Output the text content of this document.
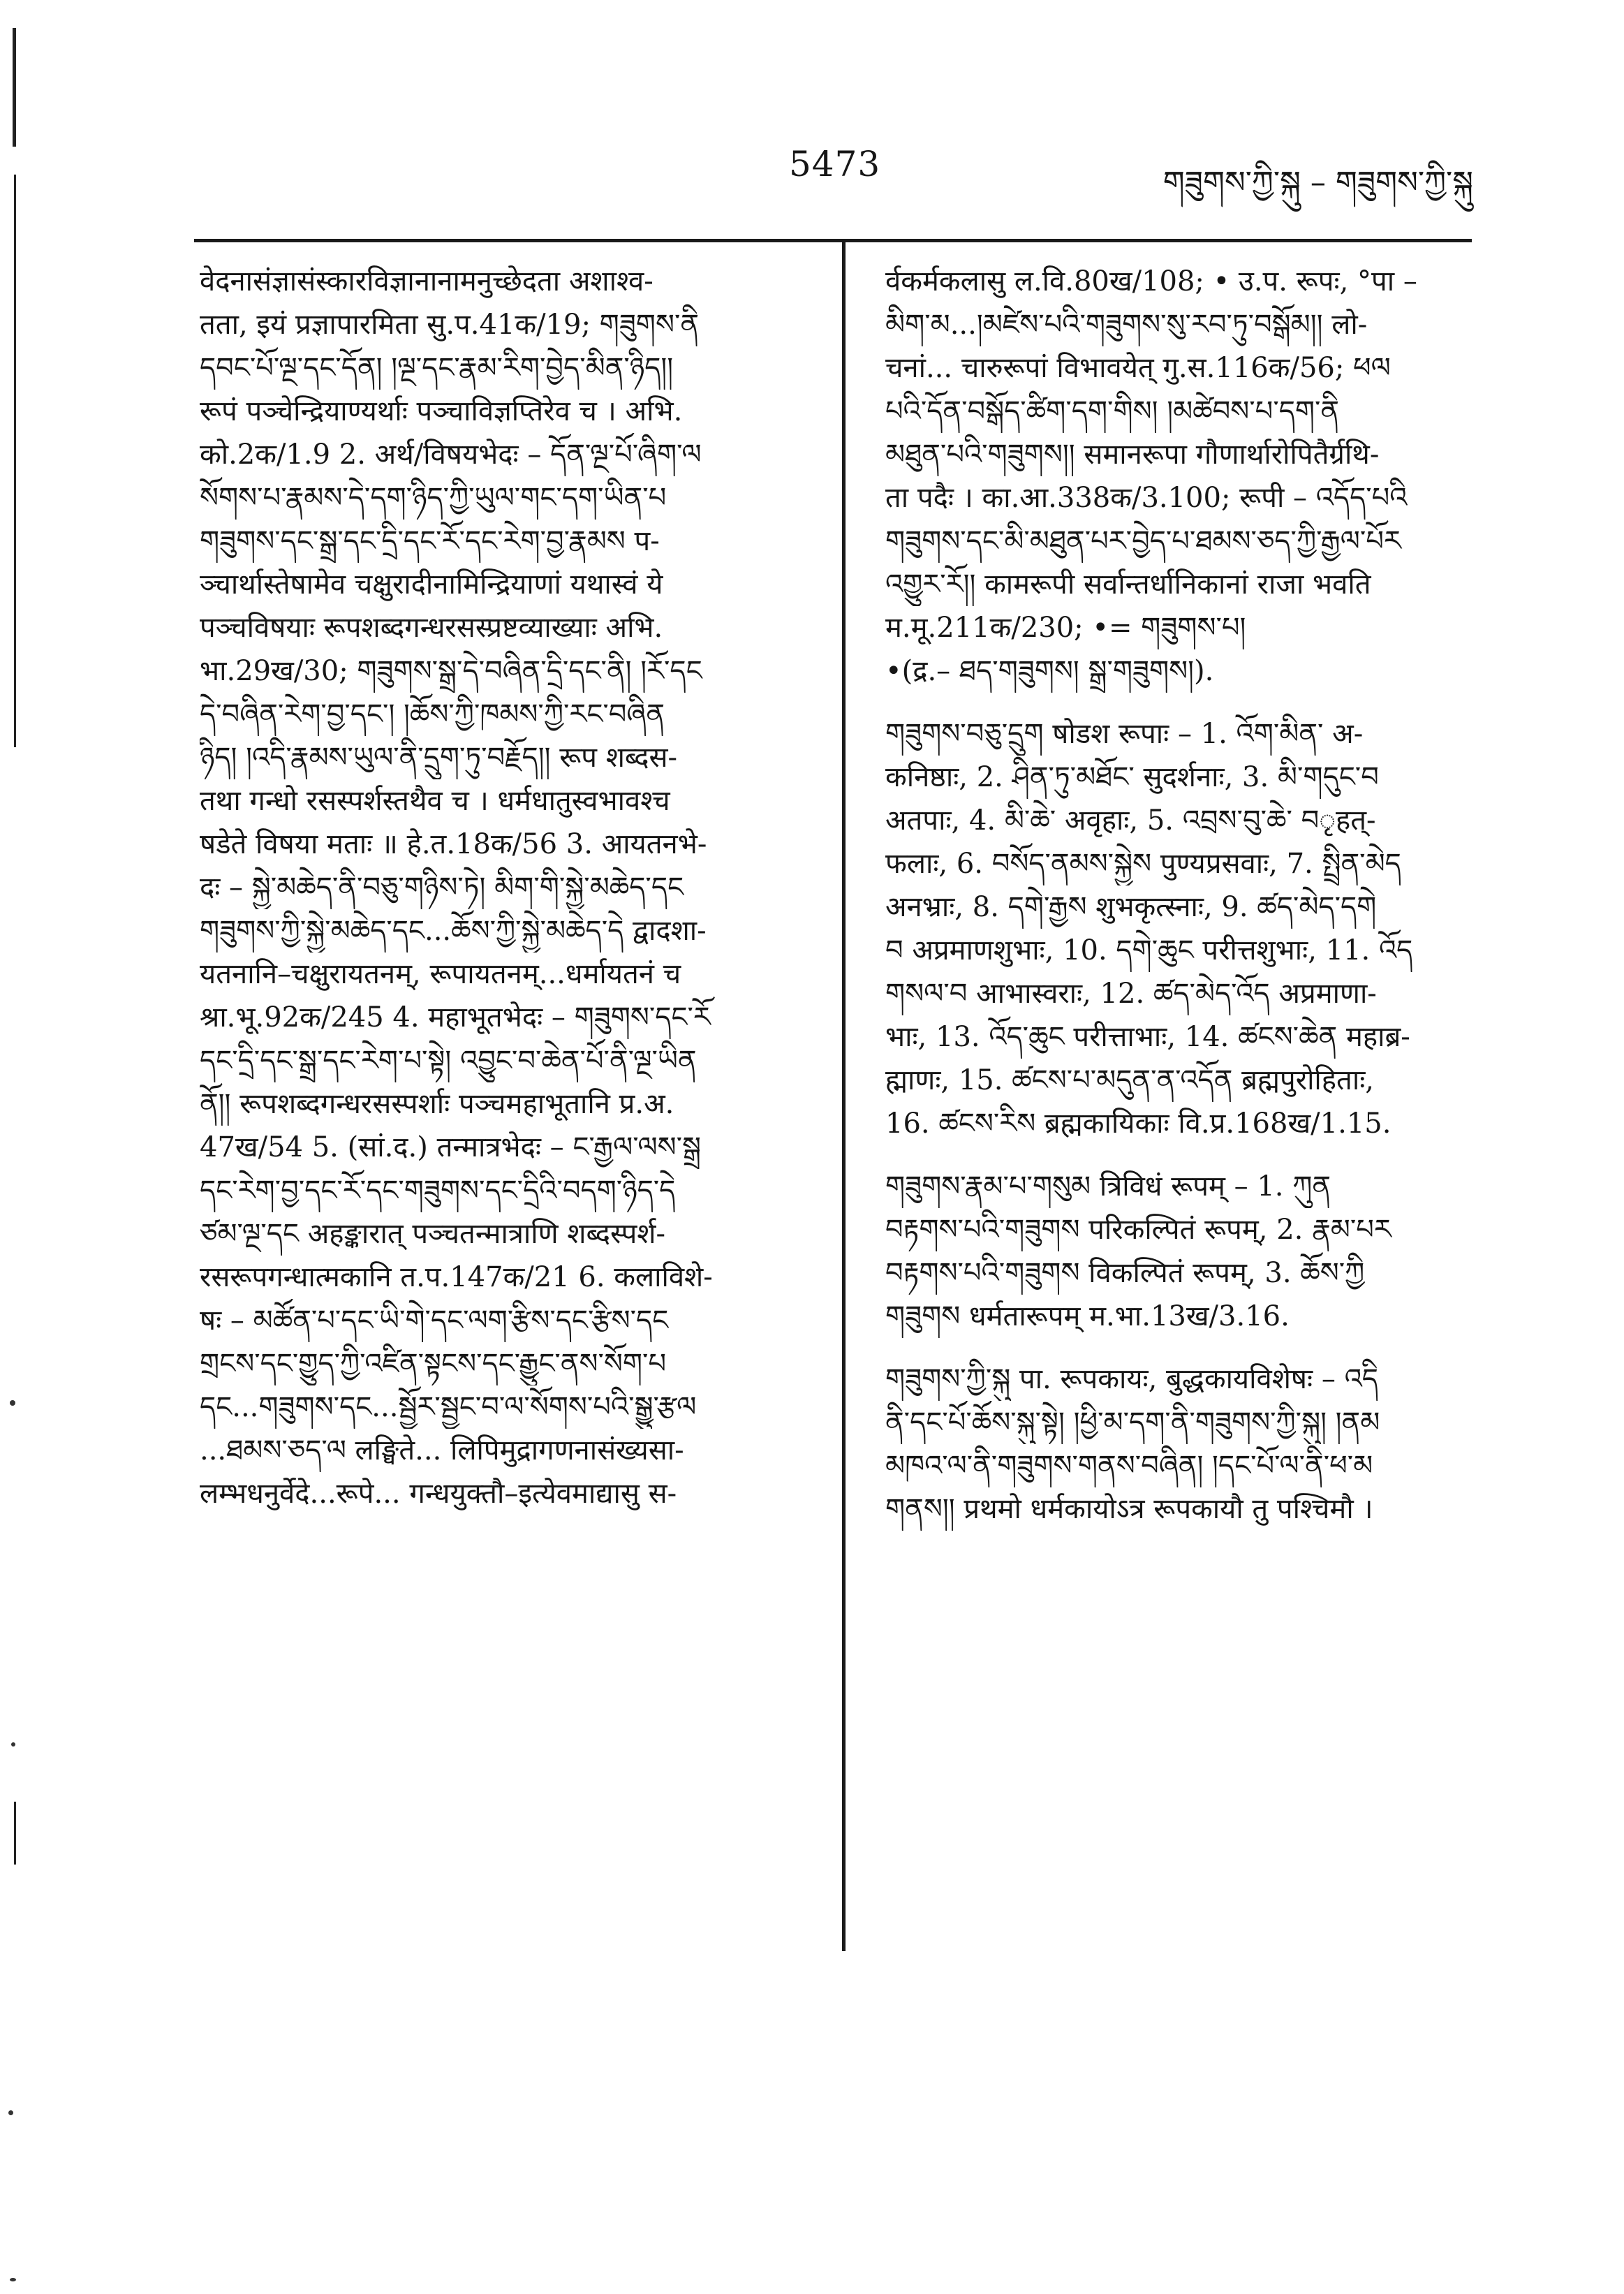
5473	གཟུགས་ཀྱི་སྐུ – གཟུགས་ཀྱི་སྐུ
वेदनासंज्ञासंस्कारविज्ञानानामनुच्छेदता अशाश्व-
तता, इयं प्रज्ञापारमिता सु.प.41क/19; གཟུགས་ནི
དབང་པོ་ལྔ་དང་དོན། །ལྔ་དང་རྣམ་རིག་བྱེད་མིན་ཉིད།།
रूपं पञ्चेन्द्रियाण्यर्थाः पञ्चाविज्ञप्तिरेव च । अभि.
को.2क/1.9 2. अर्थ/विषयभेदः – དོན་ལྔ་པོ་ཞིག་ལ
སོགས་པ་རྣམས་དེ་དག་ཉིད་ཀྱི་ཡུལ་གང་དག་ཡིན་པ
གཟུགས་དང་སྒྲ་དང་དྲི་དང་རོ་དང་རེག་བྱ་རྣམས प-
ञ्चार्थास्तेषामेव चक्षुरादीनामिन्द्रियाणां यथास्वं ये
पञ्चविषयाः रूपशब्दगन्धरसस्प्रष्टव्याख्याः अभि.
भा.29ख/30; གཟུགས་སྒྲ་དེ་བཞིན་དྲི་དང་ནི། །རོ་དང
དེ་བཞིན་རེག་བྱ་དང་། །ཆོས་ཀྱི་ཁམས་ཀྱི་རང་བཞིན
ཉིད། །འདི་རྣམས་ཡུལ་ནི་དྲུག་ཏུ་བརྗོད།། रूप शब्दस-
तथा गन्धो रसस्पर्शस्तथैव च । धर्मधातुस्वभावश्च
षडेते विषया मताः ॥ हे.त.18क/56 3. आयतनभे-
दः – སྐྱེ་མཆེད་ནི་བཅུ་གཉིས་ཏེ། མིག་གི་སྐྱེ་མཆེད་དང
གཟུགས་ཀྱི་སྐྱེ་མཆེད་དང...ཆོས་ཀྱི་སྐྱེ་མཆེད་དེ द्वादशा-
यतनानि–चक्षुरायतनम्, रूपायतनम्...धर्मायतनं च
श्रा.भू.92क/245 4. महाभूतभेदः – གཟུགས་དང་རོ
དང་དྲི་དང་སྒྲ་དང་རེག་པ་སྟེ། འབྱུང་བ་ཆེན་པོ་ནི་ལྔ་ཡིན
ནོ།། रूपशब्दगन्धरसस्पर्शाः पञ्चमहाभूतानि प्र.अ.
47ख/54 5. (सां.द.) तन्मात्रभेदः – ང་རྒྱལ་ལས་སྒྲ
དང་རེག་བྱ་དང་རོ་དང་གཟུགས་དང་དྲིའི་བདག་ཉིད་དེ
ཙམ་ལྔ་དང अहङ्कारात् पञ्चतन्मात्राणि शब्दस्पर्श-
रसरूपगन्धात्मकानि त.प.147क/21 6. कलाविशे-
षः – མཚོན་པ་དང་ཡི་གེ་དང་ལག་རྩིས་དང་རྩིས་དང
གྲངས་དང་གྱུད་ཀྱི་འཛིན་སྟངས་དང་རྒྱུང་ནས་སོག་པ
དང...གཟུགས་དང...སྦྱོར་སྦྱང་བ་ལ་སོགས་པའི་སྒྱུ་རྩལ
...ཐམས་ཅད་ལ लङ्घिते... लिपिमुद्रागणनासंख्यसा-
लम्भधनुर्वेदे...रूपे... गन्धयुक्तौ–इत्येवमाद्यासु स-
र्वकर्मकलासु ल.वि.80ख/108; • उ.प. रूपः, °पा –
མིག་མ...།མཛེས་པའི་གཟུགས་སུ་རབ་ཏུ་བསྒོམ།། लो-
चनां... चारुरूपां विभावयेत् गु.स.116क/56; ཕལ
པའི་དོན་བསྒོད་ཚིག་དག་གིས། །མཚེབས་པ་དག་ནི
མཐུན་པའི་གཟུགས།། समानरूपा गौणार्थारोपितैर्ग्रथि-
ता पदैः । का.आ.338क/3.100; रूपी – འདོད་པའི
གཟུགས་དང་མི་མཐུན་པར་བྱེད་པ་ཐམས་ཅད་ཀྱི་རྒྱལ་པོར
འགྱུར་རོ།། कामरूपी सर्वान्तर्धानिकानां राजा भवति
म.मू.211क/230; •= གཟུགས་པ།
•(द्र.– ཐད་གཟུགས། སྒྲ་གཟུགས།).
གཟུགས་བཅུ་དྲུག षोडश रूपाः – 1. འོག་མིན་ अ-
कनिष्ठाः, 2. ཤིན་ཏུ་མཐོང་ सुदर्शनाः, 3. མི་གདུང་བ
अतपाः, 4. མི་ཆེ་ अवृहाः, 5. འབྲས་བུ་ཆེ་ བृहत्-
फलाः, 6. བསོད་ནམས་སྐྱེས पुण्यप्रसवाः, 7. སྤྲིན་མེད
अनभ्राः, 8. དགེ་རྒྱས शुभकृत्स्नाः, 9. ཚད་མེད་དགེ
བ अप्रमाणशुभाः, 10. དགེ་ཆུང परीत्तशुभाः, 11. འོད
གསལ་བ आभास्वराः, 12. ཚད་མེད་འོད अप्रमाणा-
भाः, 13. འོད་ཆུང परीत्ताभाः, 14. ཚངས་ཆེན महाब्र-
ह्माणः, 15. ཚངས་པ་མདུན་ན་འདོན ब्रह्मपुरोहिताः,
16. ཚངས་རིས ब्रह्मकायिकाः वि.प्र.168ख/1.15.
གཟུགས་རྣམ་པ་གསུམ त्रिविधं रूपम् – 1. ཀུན
བརྟགས་པའི་གཟུགས परिकल्पितं रूपम्, 2. རྣམ་པར
བརྟགས་པའི་གཟུགས विकल्पितं रूपम्, 3. ཆོས་ཀྱི
གཟུགས धर्मतारूपम् म.भा.13ख/3.16.
གཟུགས་ཀྱི་སྐུ पा. रूपकायः, बुद्धकायविशेषः – འདི
ནི་དང་པོ་ཆོས་སྐུ་སྟེ། །ཕྱི་མ་དག་ནི་གཟུགས་ཀྱི་སྐུ། །ནམ
མཁའ་ལ་ནི་གཟུགས་གནས་བཞིན། །དང་པོ་ལ་ནི་ཕ་མ
གནས།། प्रथमो धर्मकायोऽत्र रूपकायौ तु पश्चिमौ ।
